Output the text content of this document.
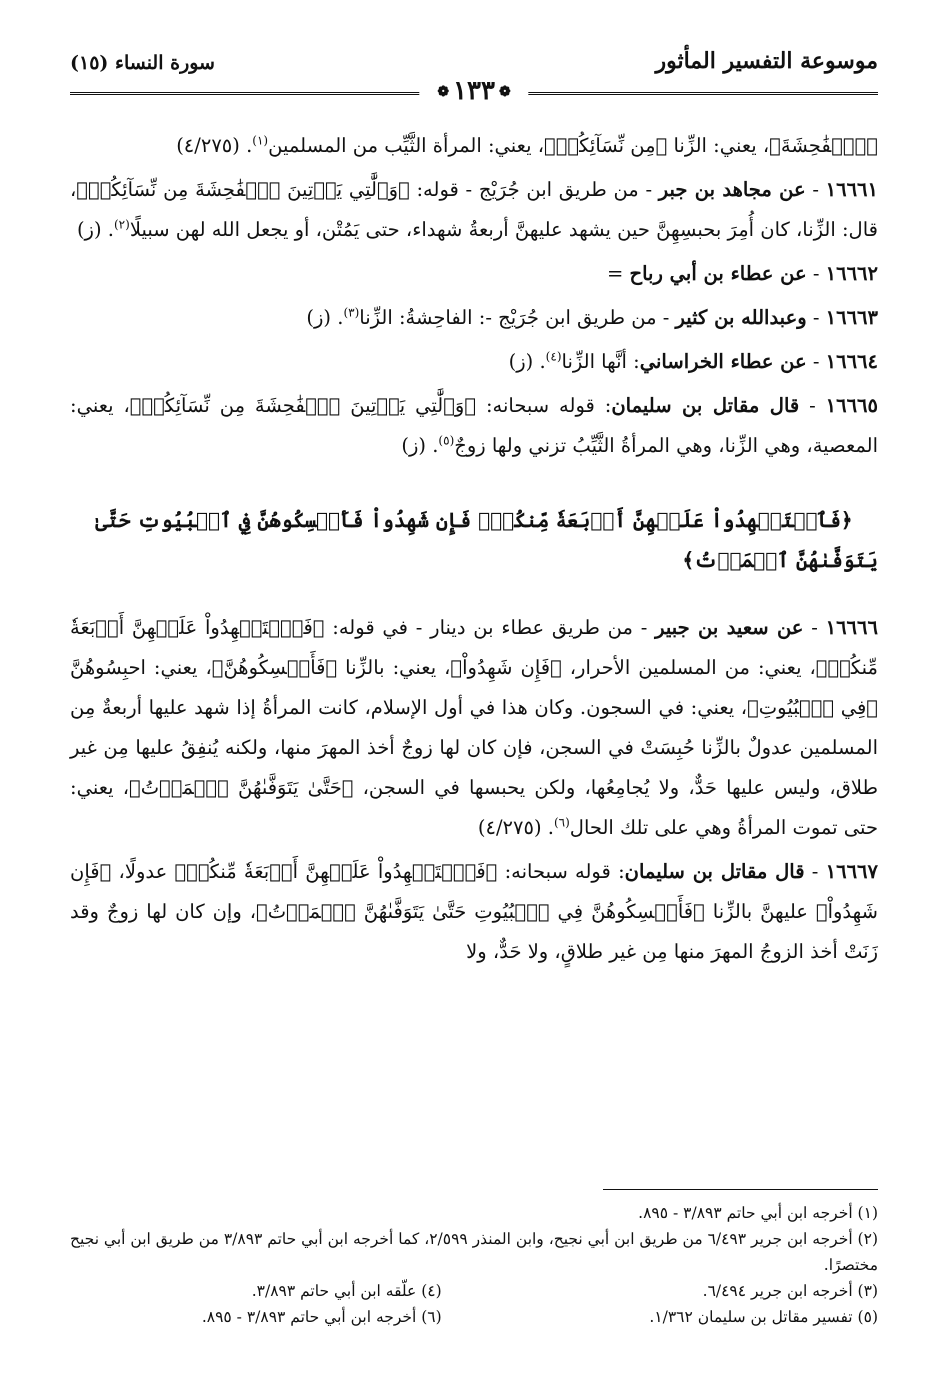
موسوعة التفسير المأثور
سورة النساء (١٥)
❁ ١٣٣ ❁

﴿ٱلۡفَٰحِشَةَ﴾، يعني: الزِّنا ﴿مِن نِّسَآئِكُمۡ﴾، يعني: المرأة الثَّيِّب من المسلمين$^{(١)}$. (٤/٢٧٥)

١٦٦٦١ - عن مجاهد بن جبر - من طريق ابن جُرَيْج - قوله: ﴿وَٱلَّٰتِي يَأۡتِينَ ٱلۡفَٰحِشَةَ مِن نِّسَآئِكُمۡ﴾، قال: الزِّنا، كان أُمِرَ بحبسِهِنَّ حين يشهد عليهنَّ أربعةُ شهداء، حتى يَمُتْن، أو يجعل الله لهن سبيلًا$^{(٢)}$. (ز)

١٦٦٦٢ - عن عطاء بن أبي رباح =

١٦٦٦٣ - وعبدالله بن كثير - من طريق ابن جُرَيْج -: الفاحِشةُ: الزِّنا$^{(٣)}$. (ز)

١٦٦٦٤ - عن عطاء الخراساني: أنَّها الزِّنا$^{(٤)}$. (ز)

١٦٦٦٥ - قال مقاتل بن سليمان: قوله سبحانه: ﴿وَٱلَّٰتِي يَأۡتِينَ ٱلۡفَٰحِشَةَ مِن نِّسَآئِكُمۡ﴾، يعني: المعصية، وهي الزِّنا، وهي المرأةُ الثَّيِّبُ تزني ولها زوجٌ$^{(٥)}$. (ز)

﴿فَٱسۡتَشۡهِدُواْ عَلَيۡهِنَّ أَرۡبَعَةٗ مِّنكُمۡۖ فَإِن شَهِدُواْ فَأَمۡسِكُوهُنَّ فِي ٱلۡبُيُوتِ حَتَّىٰ يَتَوَفَّىٰهُنَّ ٱلۡمَوۡتُ﴾

١٦٦٦٦ - عن سعيد بن جبير - من طريق عطاء بن دينار - في قوله: ﴿فَٱسۡتَشۡهِدُواْ عَلَيۡهِنَّ أَرۡبَعَةٗ مِّنكُمۡ﴾، يعني: من المسلمين الأحرار، ﴿فَإِن شَهِدُواْ﴾، يعني: بالزِّنا ﴿فَأَمۡسِكُوهُنَّ﴾، يعني: احبِسُوهُنَّ ﴿فِي ٱلۡبُيُوتِ﴾، يعني: في السجون. وكان هذا في أول الإسلام، كانت المرأةُ إذا شهد عليها أربعةٌ مِن المسلمين عدولٌ بالزِّنا حُبِسَتْ في السجن، فإن كان لها زوجٌ أخذ المهرَ منها، ولكنه يُنفِقُ عليها مِن غير طلاق، وليس عليها حَدٌّ، ولا يُجامِعُها، ولكن يحبسها في السجن، ﴿حَتَّىٰ يَتَوَفَّىٰهُنَّ ٱلۡمَوۡتُ﴾، يعني: حتى تموت المرأةُ وهي على تلك الحال$^{(٦)}$. (٤/٢٧٥)

١٦٦٦٧ - قال مقاتل بن سليمان: قوله سبحانه: ﴿فَٱسۡتَشۡهِدُواْ عَلَيۡهِنَّ أَرۡبَعَةٗ مِّنكُمۡ﴾ عدولًا، ﴿فَإِن شَهِدُواْ﴾ عليهنَّ بالزِّنا ﴿فَأَمۡسِكُوهُنَّ فِي ٱلۡبُيُوتِ حَتَّىٰ يَتَوَفَّىٰهُنَّ ٱلۡمَوۡتُ﴾، وإن كان لها زوجٌ وقد زَنَتْ أخذ الزوجُ المهرَ منها مِن غير طلاقٍ، ولا حَدٌّ، ولا

(١) أخرجه ابن أبي حاتم ٣/٨٩٣ - ٨٩٥.

(٢) أخرجه ابن جرير ٦/٤٩٣ من طريق ابن أبي نجيح، وابن المنذر ٢/٥٩٩، كما أخرجه ابن أبي حاتم ٣/٨٩٣ من طريق ابن أبي نجيح مختصرًا.

(٣) أخرجه ابن جرير ٦/٤٩٤.

(٤) علّقه ابن أبي حاتم ٣/٨٩٣.

(٥) تفسير مقاتل بن سليمان ١/٣٦٢.

(٦) أخرجه ابن أبي حاتم ٣/٨٩٣ - ٨٩٥.
